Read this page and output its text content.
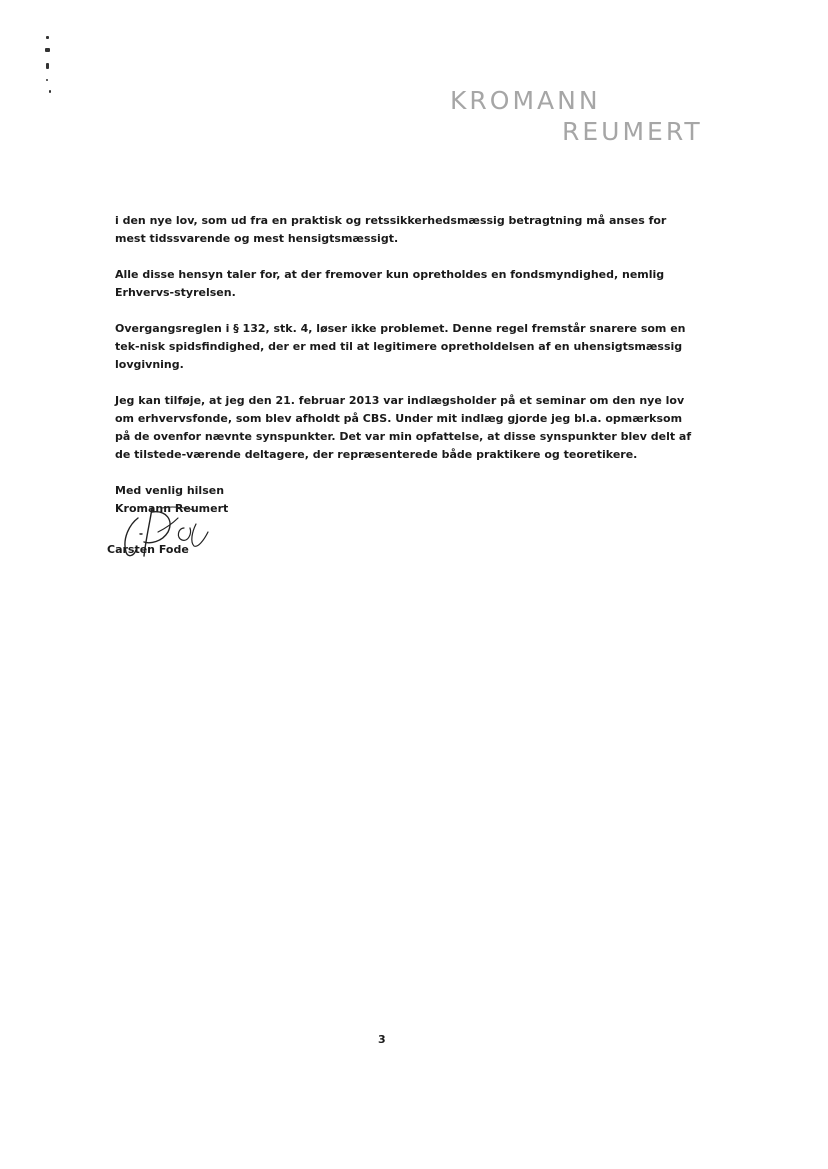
KROMANN
REUMERT

i den nye lov, som ud fra en praktisk og retssikkerhedsmæssig betragtning må anses for mest tidssvarende og mest hensigtsmæssigt.

Alle disse hensyn taler for, at der fremover kun opretholdes en fondsmyndighed, nemlig Erhvervs-styrelsen.

Overgangsreglen i § 132, stk. 4, løser ikke problemet. Denne regel fremstår snarere som en tek-nisk spidsfindighed, der er med til at legitimere opretholdelsen af en uhensigtsmæssig lovgivning.

Jeg kan tilføje, at jeg den 21. februar 2013 var indlægsholder på et seminar om den nye lov om erhvervsfonde, som blev afholdt på CBS. Under mit indlæg gjorde jeg bl.a. opmærksom på de ovenfor nævnte synspunkter. Det var min opfattelse, at disse synspunkter blev delt af de tilstede-værende deltagere, der repræsenterede både praktikere og teoretikere.

Med venlig hilsen
Kromann Reumert
Carsten Fode
3
